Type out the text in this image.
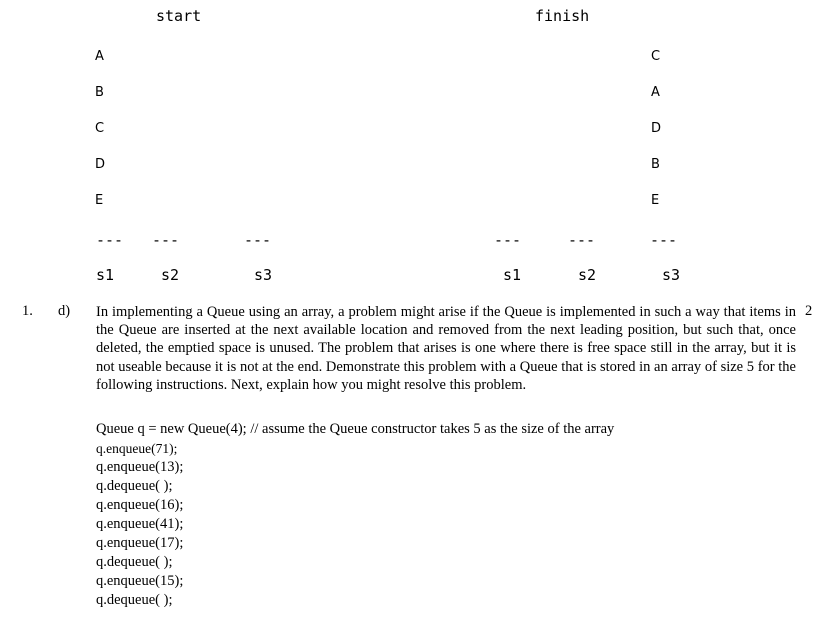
start	finish
A
B
C
D
E
C
A
D
B
E
--- ---	---	---	---	---
s1	s2	s3	s1	s2	s3
1. d)	2
In implementing a Queue using an array, a problem might arise if the Queue is implemented in such a way that items in the Queue are inserted at the next available location and removed from the next leading position, but such that, once deleted, the emptied space is unused. The problem that arises is one where there is free space still in the array, but it is not useable because it is not at the end. Demonstrate this problem with a Queue that is stored in an array of size 5 for the following instructions. Next, explain how you might resolve this problem.
Queue q = new Queue(4); // assume the Queue constructor takes 5 as the size of the array
q.enqueue(71);
q.enqueue(13);
q.dequeue( );
q.enqueue(16);
q.enqueue(41);
q.enqueue(17);
q.dequeue( );
q.enqueue(15);
q.dequeue( );
